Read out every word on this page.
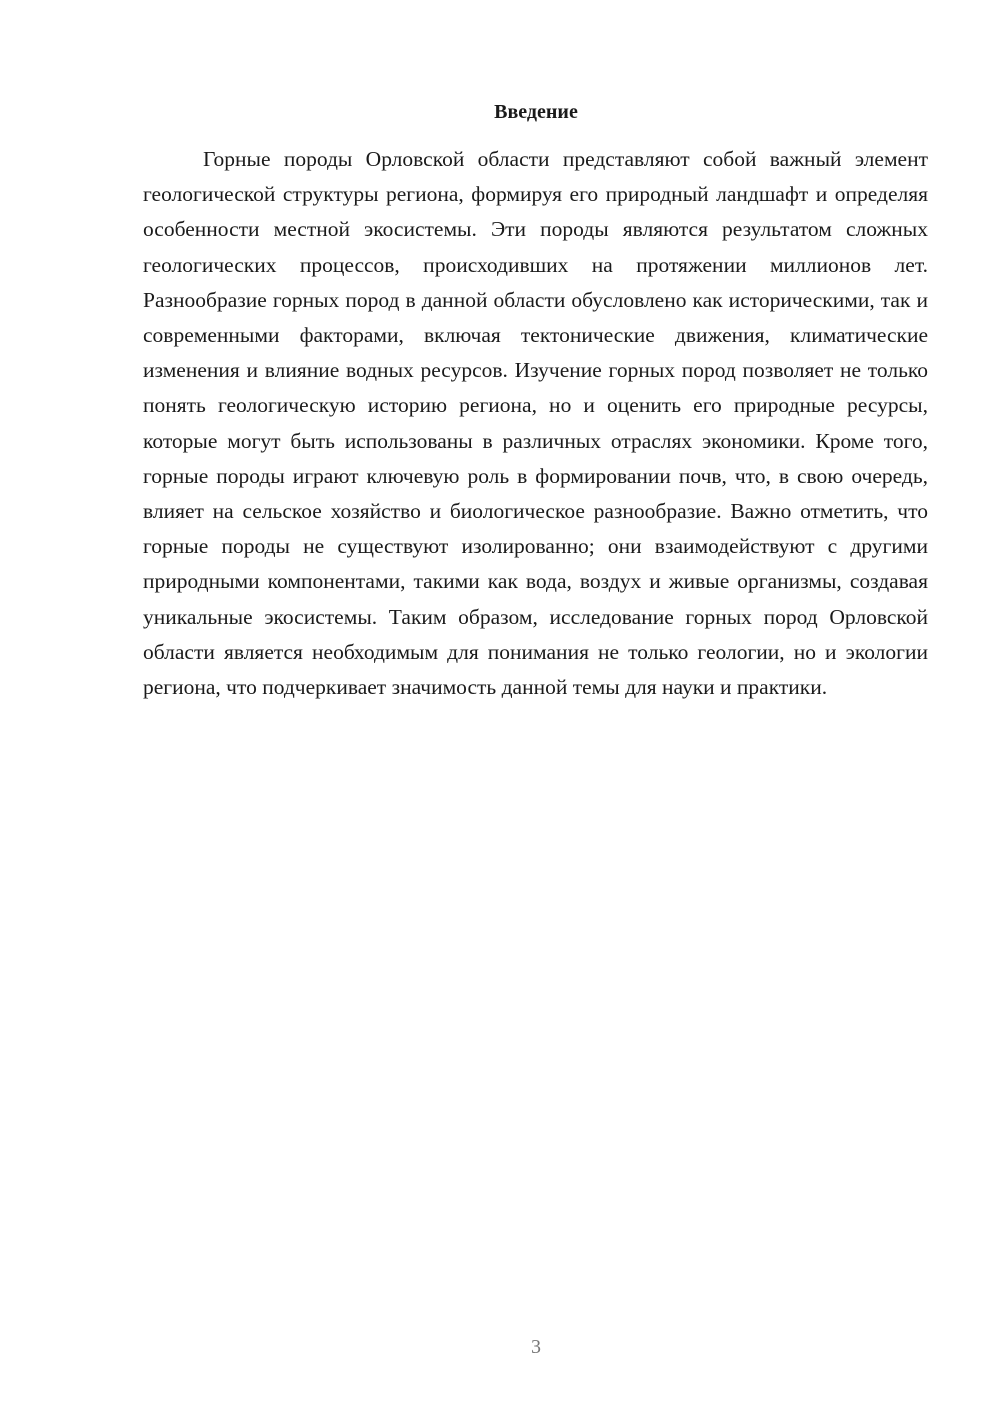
Введение

Горные породы Орловской области представляют собой важный элемент геологической структуры региона, формируя его природный ландшафт и определяя особенности местной экосистемы. Эти породы являются результатом сложных геологических процессов, происходивших на протяжении миллионов лет. Разнообразие горных пород в данной области обусловлено как историческими, так и современными факторами, включая тектонические движения, климатические изменения и влияние водных ресурсов. Изучение горных пород позволяет не только понять геологическую историю региона, но и оценить его природные ресурсы, которые могут быть использованы в различных отраслях экономики. Кроме того, горные породы играют ключевую роль в формировании почв, что, в свою очередь, влияет на сельское хозяйство и биологическое разнообразие. Важно отметить, что горные породы не существуют изолированно; они взаимодействуют с другими природными компонентами, такими как вода, воздух и живые организмы, создавая уникальные экосистемы. Таким образом, исследование горных пород Орловской области является необходимым для понимания не только геологии, но и экологии региона, что подчеркивает значимость данной темы для науки и практики.

3
